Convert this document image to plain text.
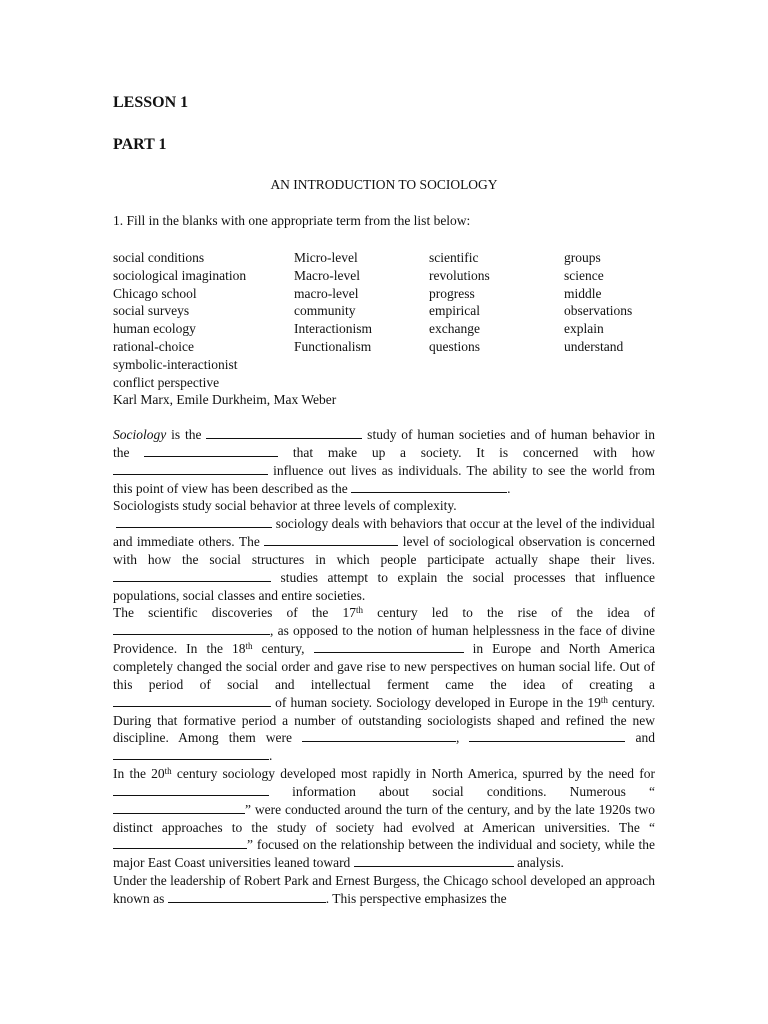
LESSON 1
PART 1
AN INTRODUCTION TO SOCIOLOGY
1. Fill in the blanks with one appropriate term from the list below:
social conditions	Micro-level	scientific	groups
sociological imagination	Macro-level	revolutions	science
Chicago school	macro-level	progress	middle
social surveys	community	empirical	observations
human ecology	Interactionism	exchange	explain
rational-choice	Functionalism	questions	understand
symbolic-interactionist
conflict perspective
Karl Marx, Emile Durkheim, Max Weber

Sociology is the	study of human societies and of human behavior in the	that make up a society. It is concerned with how influence out lives as individuals. The ability to see the world from this point of view has been described as the	.

Sociologists study social behavior at three levels of complexity.

sociology deals with behaviors that occur at the level of the individual and immediate others. The	level of sociological observation is concerned with how the social structures in which people participate actually shape their lives.  studies attempt to explain the social processes that influence populations, social classes and entire societies.

The scientific discoveries of the 17th century led to the rise of the idea of , as opposed to the notion of human helplessness in the face of divine Providence. In the 18th century,	in Europe and North America completely changed the social order and gave rise to new perspectives on human social life. Out of this period of social and intellectual ferment came the idea of creating a  of human society. Sociology developed in Europe in the 19th century. During that formative period a number of outstanding sociologists shaped and refined the new discipline. Among them were	,	and .

In the 20th century sociology developed most rapidly in North America, spurred by the need for  information about social conditions. Numerous “” were conducted around the turn of the century, and by the late 1920s two distinct approaches to the study of society had evolved at American universities. The “” focused on the relationship between the individual and society, while the major East Coast universities leaned toward	analysis.

Under the leadership of Robert Park and Ernest Burgess, the Chicago school developed an approach known as	. This perspective emphasizes the
